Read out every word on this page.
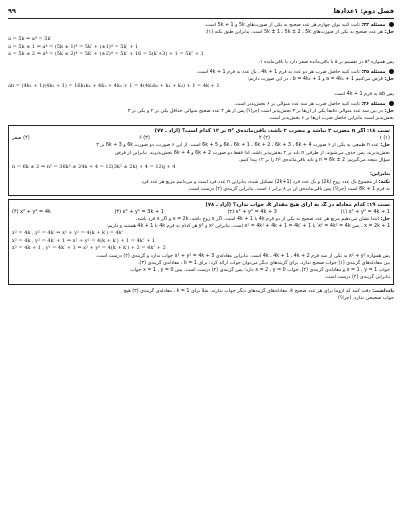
فصل دوم: ۱عدادها
۹۹
مسئله ۳۴: ثابت کنید توان چهارم هر عدد صحیح به یکی از صورت‌های 5k و 5k + 1 است.
حل: هر عدد صحیح به یکی از صورت‌های 5k ± 1 ، 5k ± 2 ، 5k است. بنابراین طبق نکته (۱):
a = 5k ⇒ a⁴ = 5k′
a = 5k ± 1 ⇒ a⁴ = (5k ± 1)⁴ = 5k′ + (±1)⁴ = 5k′ + 1
a = 5k ± 2 ⇒ a⁴ = (5k ± 2)⁴ = 5k′ + (±2)⁴ = 5k′ + 16 = 5(k′+3) + 1 = 5k″ + 1
پس همواره a⁴ در تقسیم بر ۵ یا باقی‌مانده صفر دارد یا باقی‌مانده ۱.
مسئله ۳۵: ثابت کنید حاصل ضرب هر دو عدد به فرم 4k + 1 ، یک عدد به فرم 4k + 1 است.
حل: فرض می‌کنیم a = 4k₁ + 1 و b = 4k₂ + 1 ، در این صورت داریم:
ab = (4k₁ + 1)(4k₂ + 1) = 16k₁k₂ + 4k₁ + 4k₂ + 1 = 4(4k₁k₂ + k₁ + k₂) + 1 = 4k + 1
پس ab به فرم 4k + 1 است.
مسئله ۳۶: ثابت کنید حاصل ضرب هر سه عدد متوالی بر ۶ بخش‌پذیر است.
حل: در بین سه عدد متوالی دقیقاً یکی از آن‌ها بر ۳ بخش‌پذیر است (چرا؟) پس از هر ۳ عدد صحیح متوالی حداقل یکی بر ۲ و یکی بر ۳
بخش‌پذیر است بنابراین حاصل ضرب آن‌ها بر ۶ بخش‌پذیر است.
تست ۱۸: اگر n مضرب ۳ نباشد و مضرب ۲ باشد، باقی‌مانده‌ی n² بر ۱۲ کدام است؟ (آزاد ـ ۷۷)
(۱) ۱
(۲) ۴
(۳) ۶
(۴) صفر
حل: عدد n طبیعی به یکی از ۶ صورت 6k ، 6k + 1 ، 6k + 2 ، 6k + 3 ، 6k + 4 و 6k + 5 است. از این ۶ صورت، دو صورت 6k و 6k + 3 بر ۳
بخش‌پذیرند، پس حذف می‌شوند. از طرفی n باید بر ۲ بخش‌پذیر باشد، لذا فقط دو صورت 6k + 2 و 6k + 4 بخش‌پذیرند. بنابراین از فرض
سؤال نتیجه می‌گیریم: n = 6k ± 2 و باید باقی‌مانده‌ی n² را بر ۱۲ پیدا کنیم.
n = 6k ± 2 ⇒ n² = 36k² ± 24k + 4 = 12(3k² ± 2k) + 4 = 12q + 4
بنابراین:
نکته: از مجموع یک عدد زوج (2k) و یک عدد فرد (2k+1) تشکیل شده، بنابراین n عدد فرد است و می‌دانیم مربع هر عدد فرد
به فرم 8k + 1 است (چرا؟) پس باقی‌مانده‌ی آن بر ۸ برابر ۱ است. بنابراین گزینه‌ی (۲) درست است.
تست ۱۹: کدام معادله در Z، به ازای هیچ مقدار k، جواب ندارد؟ (آزاد ـ ۷۸)
(۴) x² + y² = 4k	(۳) x² + y² = 3k + 1	(۲) x² + y² = 4k + 3	(۱) x² + y² = 4k + 1
حل: ابتدا نشان می‌دهیم مربع هر عدد صحیح به یکی از دو فرم 4k یا 4k + 1 است. اگر x زوج باشد، x = 2k و اگر x فرد باشد،
x = 2k + 1 ، پس x² = 4k² = 4k′ یا x² = 4k² + 4k + 1 = 4k′ + 1 است. بنابراین x² و y² هر کدام به فرم 4k یا 4k + 1 هستند و داریم:
x² = 4k , y² = 4k′ ⇒ x² + y² = 4(k + k′) = 4k″
x² = 4k , y² = 4k′ + 1 ⇒ x² + y² = 4(k + k′) + 1 = 4k″ + 1
x² = 4k + 1 , y² = 4k′ + 1 ⇒ x² + y² = 4(k + k′) + 2 = 4k″ + 2
پس همواره x² + y² به یکی از سه فرم 4k ، 4k + 1 ، 4k + 2 است. بنابراین معادله‌ی x² + y² = 4k + 3 جواب ندارد و گزینه‌ی (۲) درست است.
بین معادله‌های گزینه‌ی (۱) جواب صحیح ندارد. برای گزینه‌های دیگر می‌توان جواب ارائه کرد: برای k = 1 ، معادله‌ی گزینه‌ی (۳)،
جواب x = 1 , y = 1 و معادله‌ی گزینه‌ی (۴)، جواب x = 2 , y = 0 دارد؛ پس گزینه‌ی (۲) درست است. پس x = 1 , y = 0 جواب
بنابراین گزینه‌ی (۲) درست است.
یادداشت: دقت کنید که ازوماً برای هر عدد صحیح k، معادله‌های گزینه‌های دیگر جواب ندارند. مثلاً برای k = 1 ، معادله‌ی گزینه‌ی (۳) هیچ
جواب صحیحی ندارد. (چرا؟)
